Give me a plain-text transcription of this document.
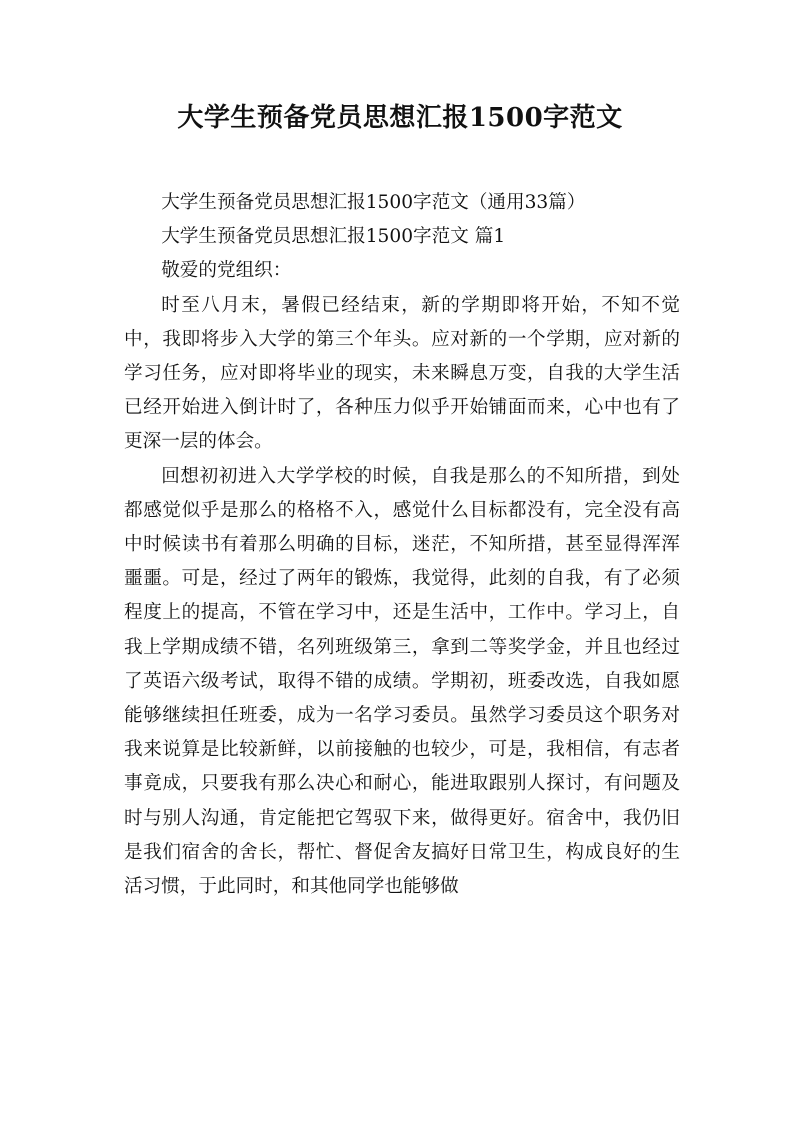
大学生预备党员思想汇报1500字范文

大学生预备党员思想汇报1500字范文（通用33篇）

大学生预备党员思想汇报1500字范文 篇1

敬爱的党组织：

时至八月末，暑假已经结束，新的学期即将开始，不知不觉中，我即将步入大学的第三个年头。应对新的一个学期，应对新的学习任务，应对即将毕业的现实，未来瞬息万变，自我的大学生活已经开始进入倒计时了，各种压力似乎开始铺面而来，心中也有了更深一层的体会。

回想初初进入大学学校的时候，自我是那么的不知所措，到处都感觉似乎是那么的格格不入，感觉什么目标都没有，完全没有高中时候读书有着那么明确的目标，迷茫，不知所措，甚至显得浑浑噩噩。可是，经过了两年的锻炼，我觉得，此刻的自我，有了必须程度上的提高，不管在学习中，还是生活中，工作中。学习上，自我上学期成绩不错，名列班级第三，拿到二等奖学金，并且也经过了英语六级考试，取得不错的成绩。学期初，班委改选，自我如愿能够继续担任班委，成为一名学习委员。虽然学习委员这个职务对我来说算是比较新鲜，以前接触的也较少，可是，我相信，有志者事竟成，只要我有那么决心和耐心，能进取跟别人探讨，有问题及时与别人沟通，肯定能把它驾驭下来，做得更好。宿舍中，我仍旧是我们宿舍的舍长，帮忙、督促舍友搞好日常卫生，构成良好的生活习惯，于此同时，和其他同学也能够做
